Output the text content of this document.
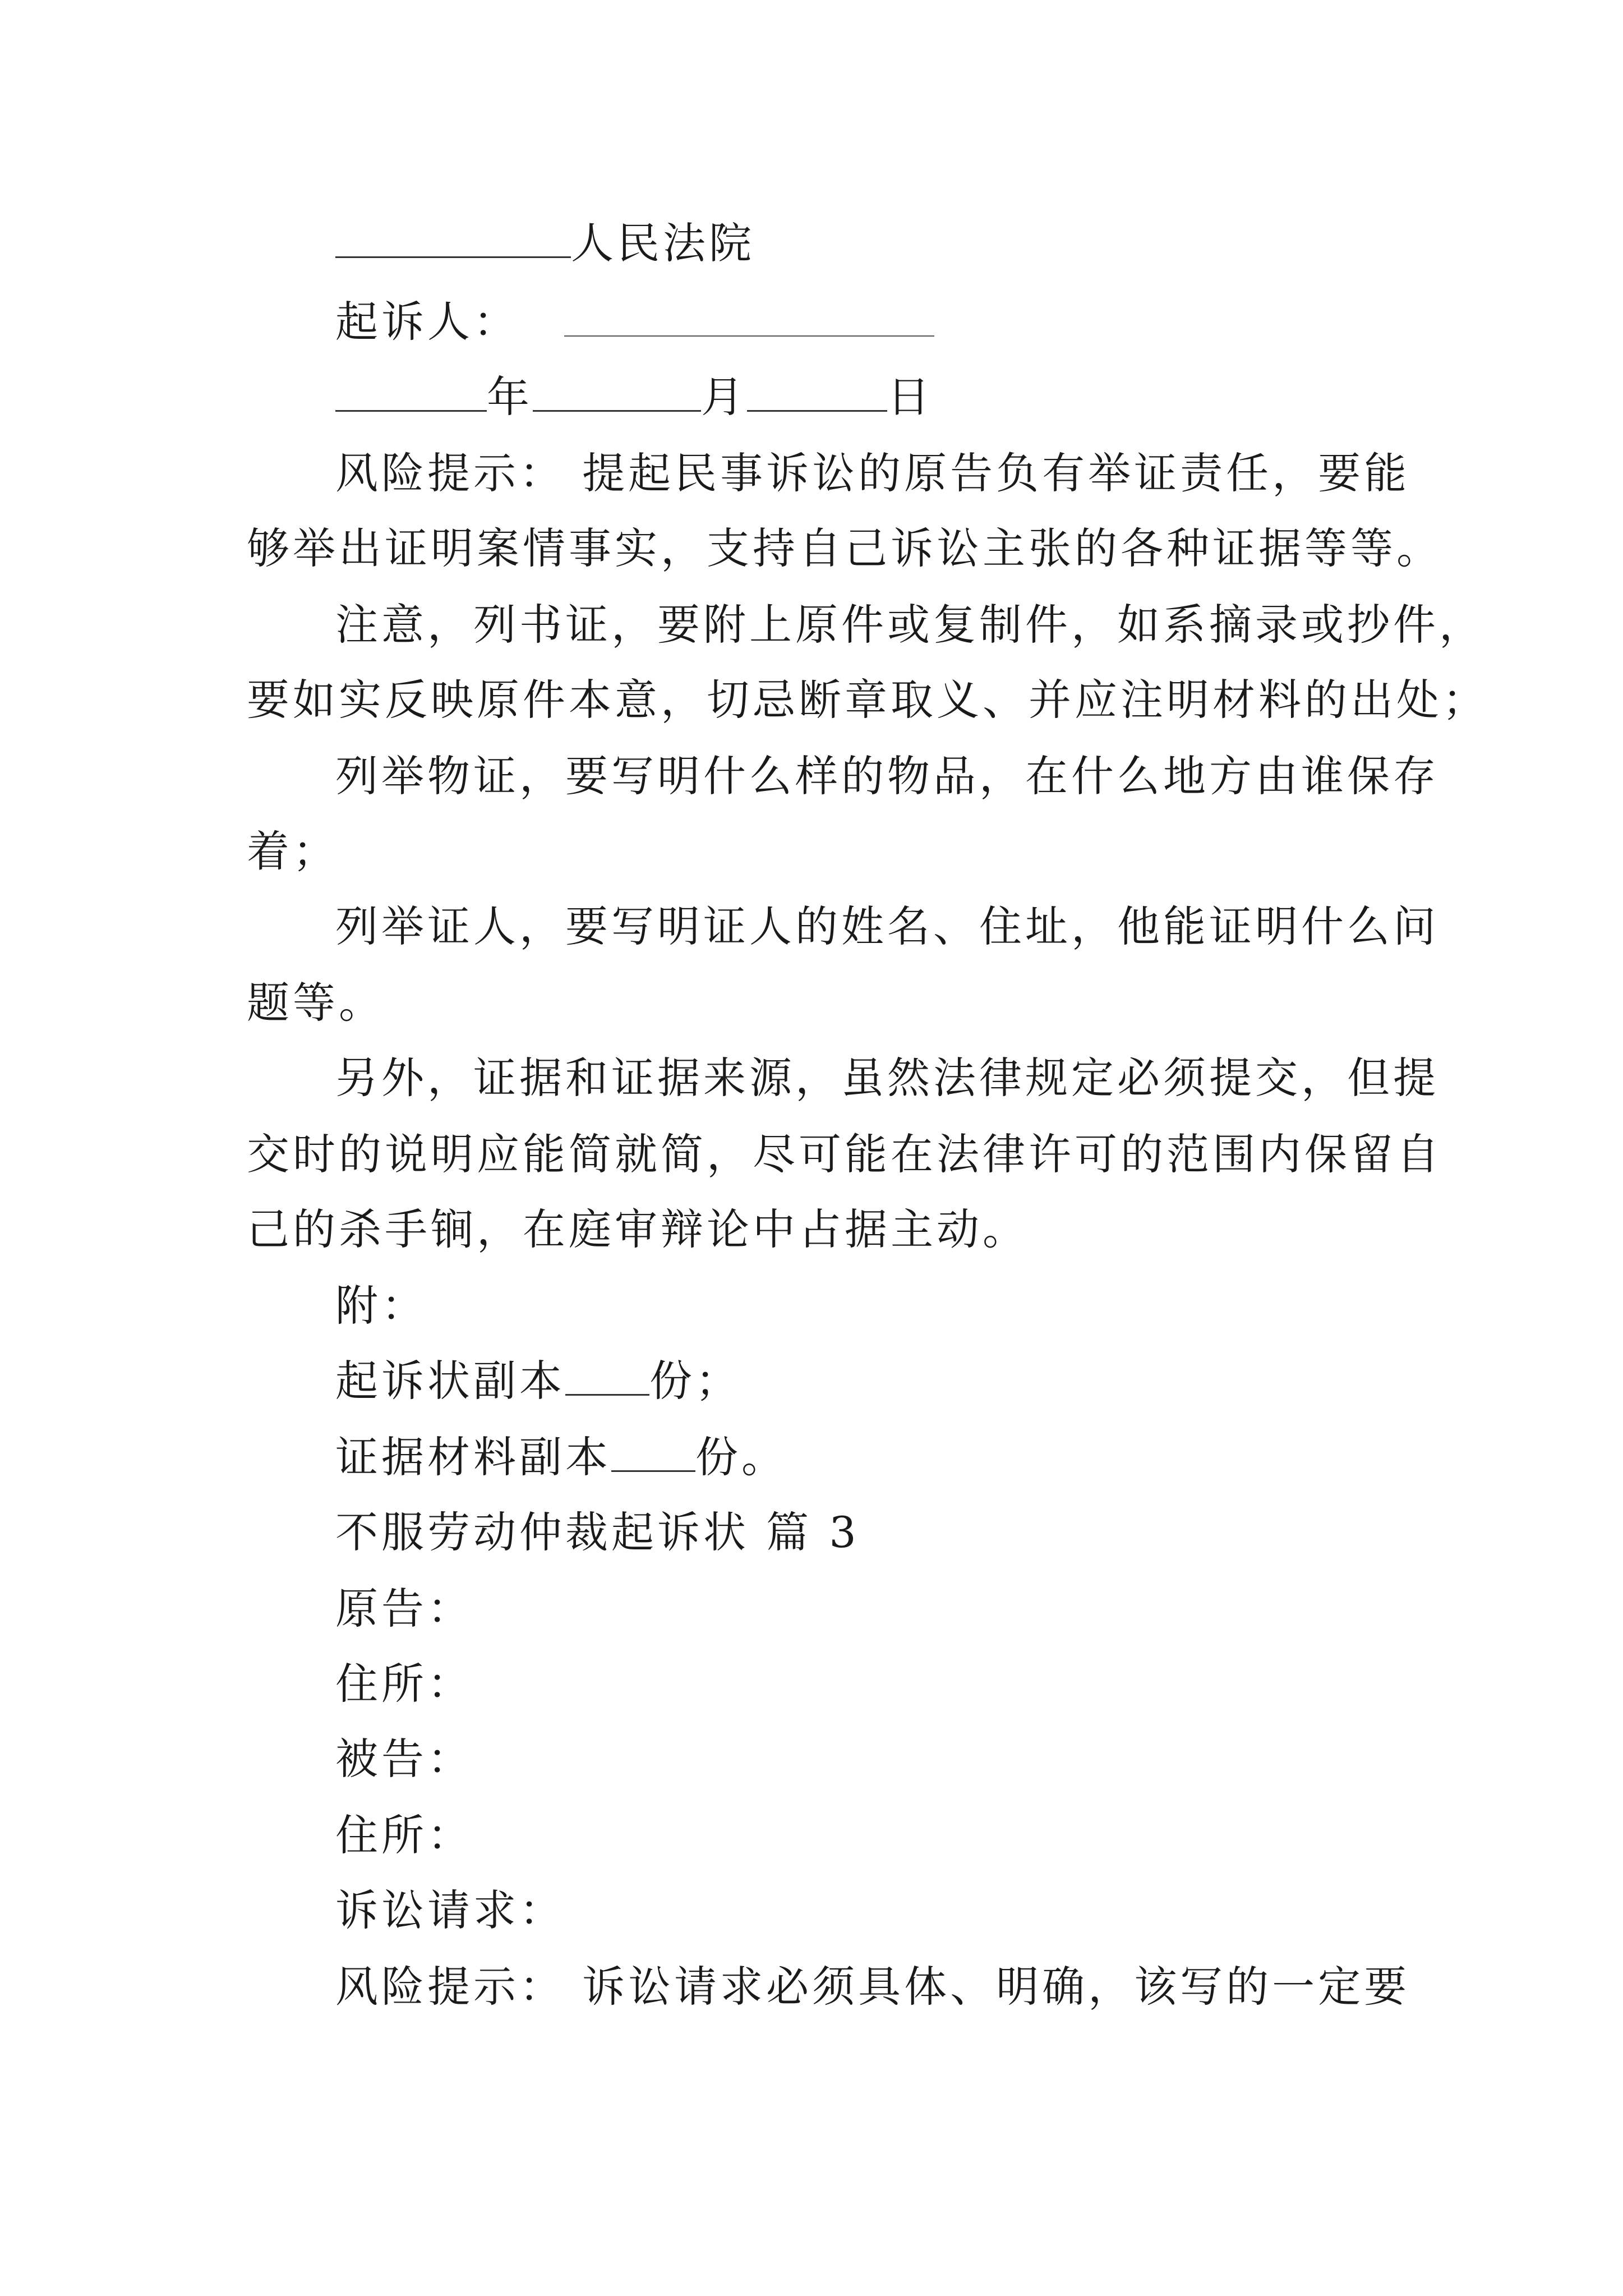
人民法院
起诉人：
年	月	日
风险提示： 提起民事诉讼的原告负有举证责任，要能
够举出证明案情事实，支持自己诉讼主张的各种证据等等。
注意，列书证，要附上原件或复制件，如系摘录或抄件，
要如实反映原件本意，切忌断章取义、并应注明材料的出处；
列举物证，要写明什么样的物品，在什么地方由谁保存
着；
列举证人，要写明证人的姓名、住址，他能证明什么问
题等。
另外，证据和证据来源，虽然法律规定必须提交，但提
交时的说明应能简就简，尽可能在法律许可的范围内保留自
己的杀手锏，在庭审辩论中占据主动。
附：
起诉状副本 份；
证据材料副本 份。
不服劳动仲裁起诉状 篇 3
原告：
住所：
被告：
住所：
诉讼请求：
风险提示： 诉讼请求必须具体、明确，该写的一定要
